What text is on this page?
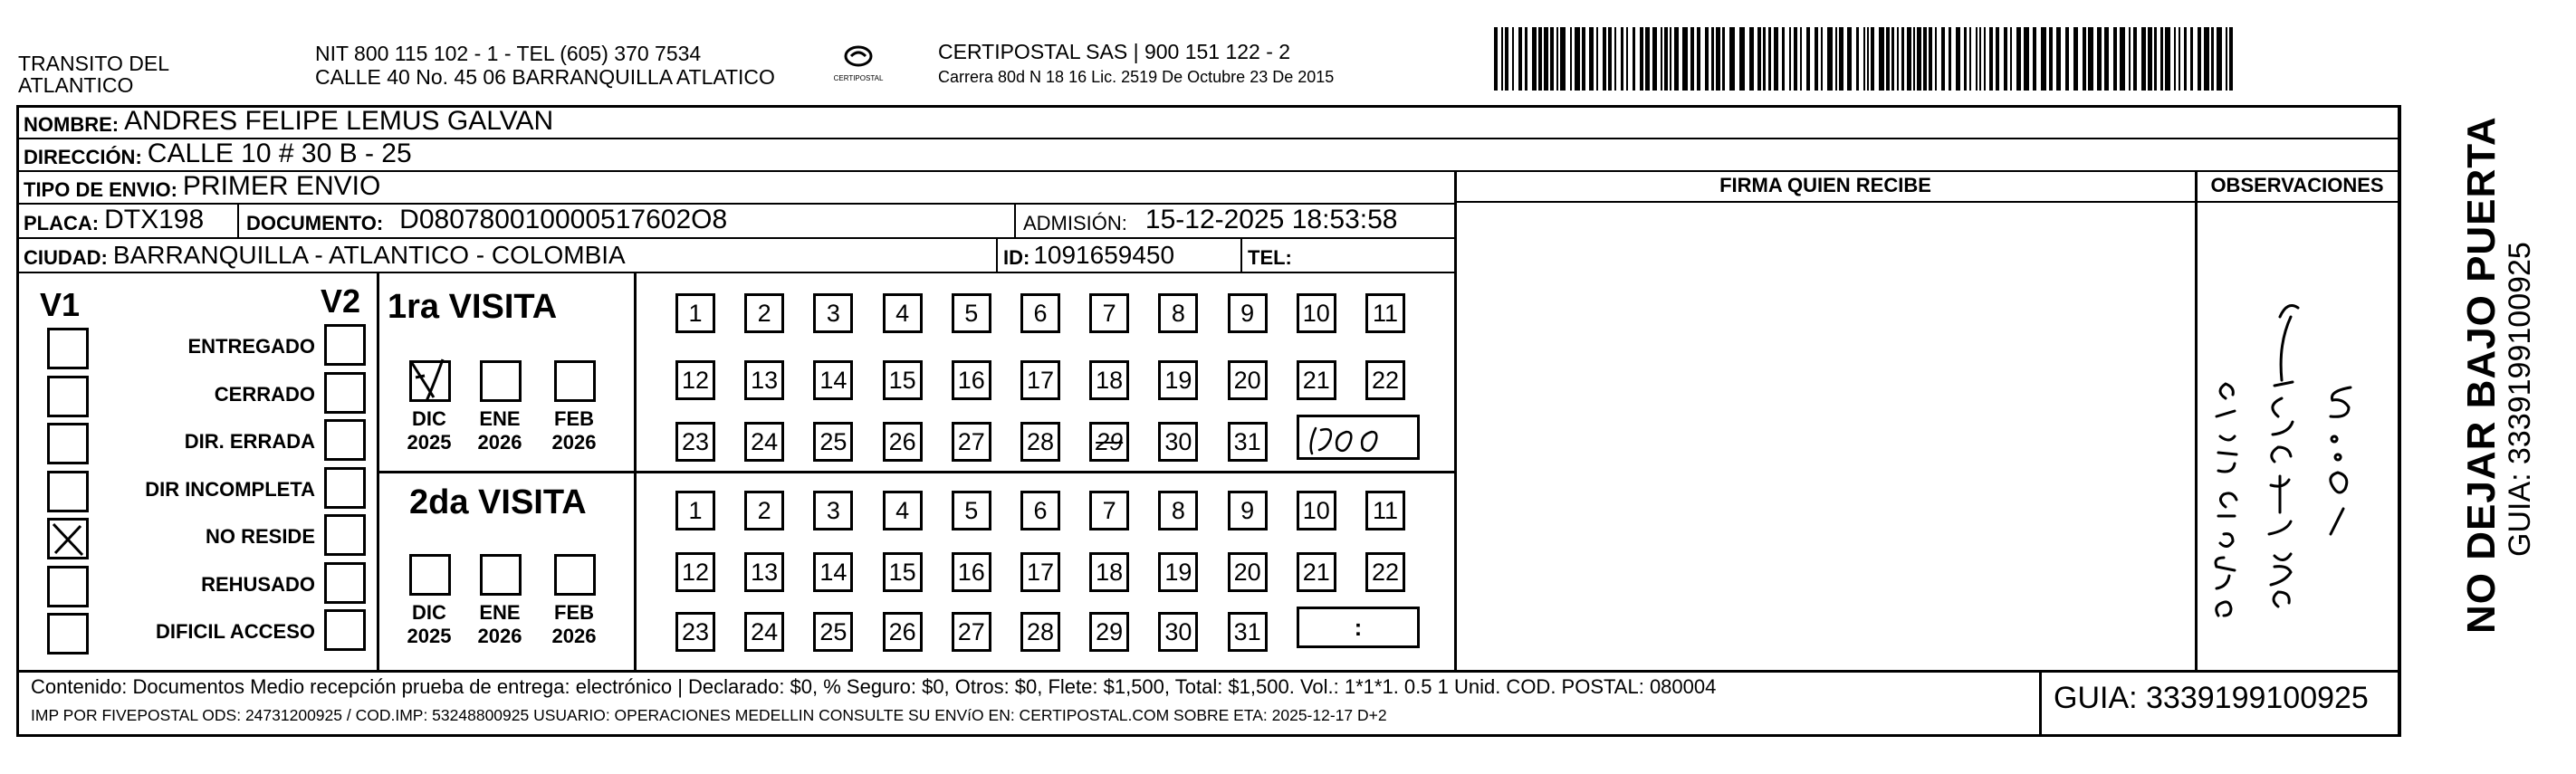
TRANSITO DEL ATLANTICO
NIT 800 115 102 - 1 - TEL (605) 370 7534
CALLE 40 No. 45 06 BARRANQUILLA ATLATICO	CERTIPOSTAL
CERTIPOSTAL SAS | 900 151 122 - 2
Carrera 80d N 18 16 Lic. 2519 De Octubre 23 De 2015
NOMBRE: ANDRES FELIPE LEMUS GALVAN
DIRECCIÓN: CALLE 10 # 30 B - 25
TIPO DE ENVIO: PRIMER ENVIO
PLACA: DTX198 DOCUMENTO: D080780010000517602O8	ADMISIÓN: 15-12-2025 18:53:58
CIUDAD: BARRANQUILLA - ATLANTICO - COLOMBIA	ID: 1091659450	TEL:
FIRMA QUIEN RECIBE	OBSERVACIONES
V1	V2
ENTREGADO
CERRADO
DIR. ERRADA
DIR INCOMPLETA
NO RESIDE
REHUSADO
DIFICIL ACCESO
1ra VISITA
2da VISITA
DIC
2025
ENE
2026
FEB
2026
DIC
2025
ENE
2026
FEB
2026
1	2	3	4	5	6	7	8	9	10 11
12 13 14 15 16 17 18 19 20 21 22
23 24 25 26 27 28 29 30 31
1	2	3	4	5	6	7	8	9	10 11
12 13 14 15 16 17 18 19 20 21 22
23 24 25 26 27 28 29 30 31	:	NO DEJAR BAJO PUERTA GUIA: 3339199100925
Contenido: Documentos Medio recepción prueba de entrega: electrónico | Declarado: $0, % Seguro: $0, Otros: $0, Flete: $1,500, Total: $1,500. Vol.: 1*1*1. 0.5 1 Unid. COD. POSTAL: 080004
IMP POR FIVEPOSTAL ODS: 24731200925 / COD.IMP: 53248800925 USUARIO: OPERACIONES MEDELLIN CONSULTE SU ENVíO EN: CERTIPOSTAL.COM SOBRE ETA: 2025-12-17 D+2	GUIA: 3339199100925
